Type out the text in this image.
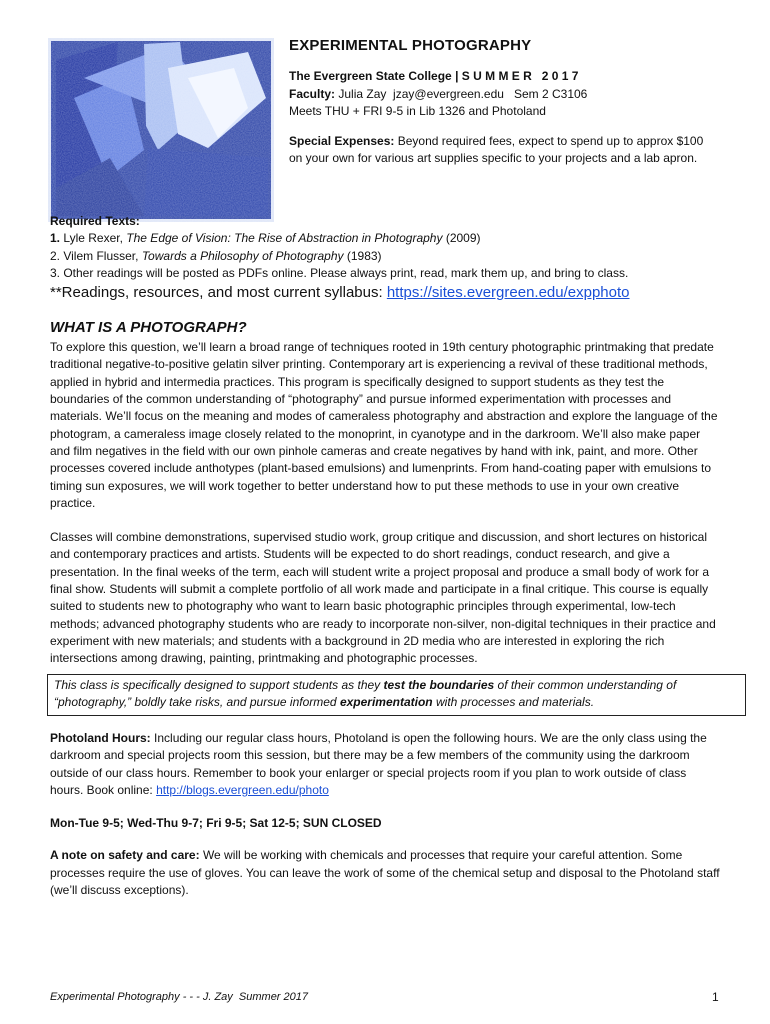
EXPERIMENTAL PHOTOGRAPHY

The Evergreen State College | S U M M E R   2 0 1 7

Faculty: Julia Zay  jzay@evergreen.edu   Sem 2 C3106

Meets THU + FRI 9-5 in Lib 1326 and Photoland

Special Expenses: Beyond required fees, expect to spend up to approx $100 on your own for various art supplies specific to your projects and a lab apron.

Required Texts:

1. Lyle Rexer, The Edge of Vision: The Rise of Abstraction in Photography (2009)

2. Vilem Flusser, Towards a Philosophy of Photography (1983)

3. Other readings will be posted as PDFs online. Please always print, read, mark them up, and bring to class.

**Readings, resources, and most current syllabus: https://sites.evergreen.edu/expphoto

WHAT IS A PHOTOGRAPH?

To explore this question, we’ll learn a broad range of techniques rooted in 19th century photographic printmaking that predate traditional negative-to-positive gelatin silver printing. Contemporary art is experiencing a revival of these traditional methods, applied in hybrid and intermedia practices. This program is specifically designed to support students as they test the boundaries of the common understanding of “photography” and pursue informed experimentation with processes and materials. We’ll focus on the meaning and modes of cameraless photography and abstraction and explore the language of the photogram, a cameraless image closely related to the monoprint, in cyanotype and in the darkroom. We’ll also make paper and film negatives in the field with our own pinhole cameras and create negatives by hand with ink, paint, and more. Other processes covered include anthotypes (plant-based emulsions) and lumenprints. From hand-coating paper with emulsions to timing sun exposures, we will work together to better understand how to put these methods to use in your own creative practice.

Classes will combine demonstrations, supervised studio work, group critique and discussion, and short lectures on historical and contemporary practices and artists. Students will be expected to do short readings, conduct research, and give a presentation. In the final weeks of the term, each will student write a project proposal and produce a small body of work for a final show. Students will submit a complete portfolio of all work made and participate in a final critique. This course is equally suited to students new to photography who want to learn basic photographic principles through experimental, low-tech methods; advanced photography students who are ready to incorporate non-silver, non-digital techniques in their practice and experiment with new materials; and students with a background in 2D media who are interested in exploring the rich intersections among drawing, painting, printmaking and photographic processes.

This class is specifically designed to support students as they test the boundaries of their common understanding of “photography,” boldly take risks, and pursue informed experimentation with processes and materials.

Photoland Hours: Including our regular class hours, Photoland is open the following hours. We are the only class using the darkroom and special projects room this session, but there may be a few members of the community using the darkroom outside of our class hours. Remember to book your enlarger or special projects room if you plan to work outside of class hours. Book online: http://blogs.evergreen.edu/photo

Mon-Tue 9-5; Wed-Thu 9-7; Fri 9-5; Sat 12-5; SUN CLOSED

A note on safety and care: We will be working with chemicals and processes that require your careful attention. Some processes require the use of gloves. You can leave the work of some of the chemical setup and disposal to the Photoland staff (we’ll discuss exceptions).

Experimental Photography - - - J. Zay  Summer 2017	1
